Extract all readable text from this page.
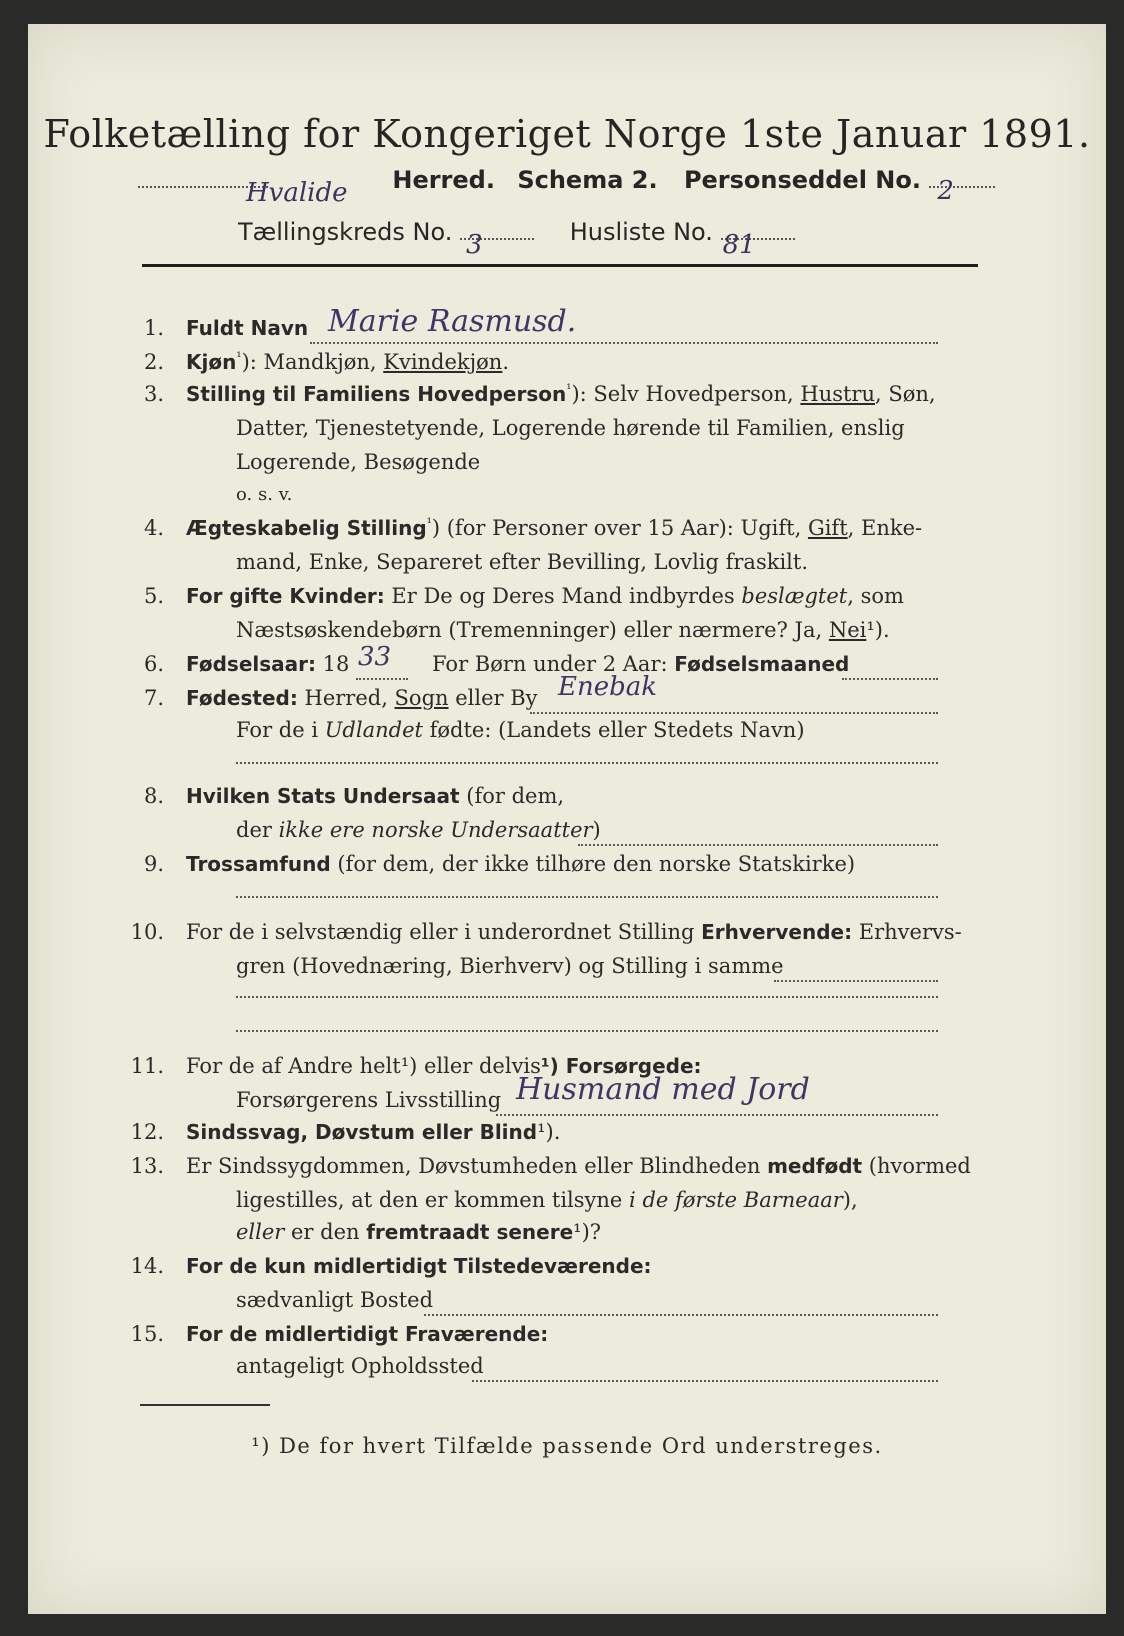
Folketælling for Kongeriget Norge 1ste Januar 1891.
Hvalide Herred. Schema 2. Personseddel No. 2
Tællingskreds No. 3	Husliste No. 81
1. Fuldt Navn Marie Rasmusd.
2. Kjøn$^{^1}$): Mandkjøn, Kvindekjøn.
3. Stilling til Familiens Hovedperson$^{^1}$): Selv Hovedperson, Hustru, Søn,
Datter, Tjenestetyende, Logerende hørende til Familien, enslig
Logerende, Besøgende
o. s. v.
4. Ægteskabelig Stilling$^{^1}$) (for Personer over 15 Aar): Ugift, Gift, Enke-
mand, Enke, Separeret efter Bevilling, Lovlig fraskilt.
5. For gifte Kvinder: Er De og Deres Mand indbyrdes beslægtet, som
Næstsøskendebørn (Tremenninger) eller nærmere? Ja, Nei¹).
6. Fødselsaar: 18 33 For Børn under 2 Aar: Fødselsmaaned
7. Fødested: Herred, Sogn eller By Enebak
For de i Udlandet fødte: (Landets eller Stedets Navn)
8. Hvilken Stats Undersaat (for dem,
der ikke ere norske Undersaatter)
9. Trossamfund (for dem, der ikke tilhøre den norske Statskirke)
10. For de i selvstændig eller i underordnet Stilling Erhvervende: Erhvervs-
gren (Hovednæring, Bierhverv) og Stilling i samme
11. For de af Andre helt¹) eller delvis¹) Forsørgede:
Forsørgerens Livsstilling Husmand med Jord
12. Sindssvag, Døvstum eller Blind¹).
13. Er Sindssygdommen, Døvstumheden eller Blindheden medfødt (hvormed
ligestilles, at den er kommen tilsyne i de første Barneaar),
eller er den fremtraadt senere¹)?
14. For de kun midlertidigt Tilstedeværende:
sædvanligt Bosted
15. For de midlertidigt Fraværende:
antageligt Opholdssted
¹) De for hvert Tilfælde passende Ord understreges.
